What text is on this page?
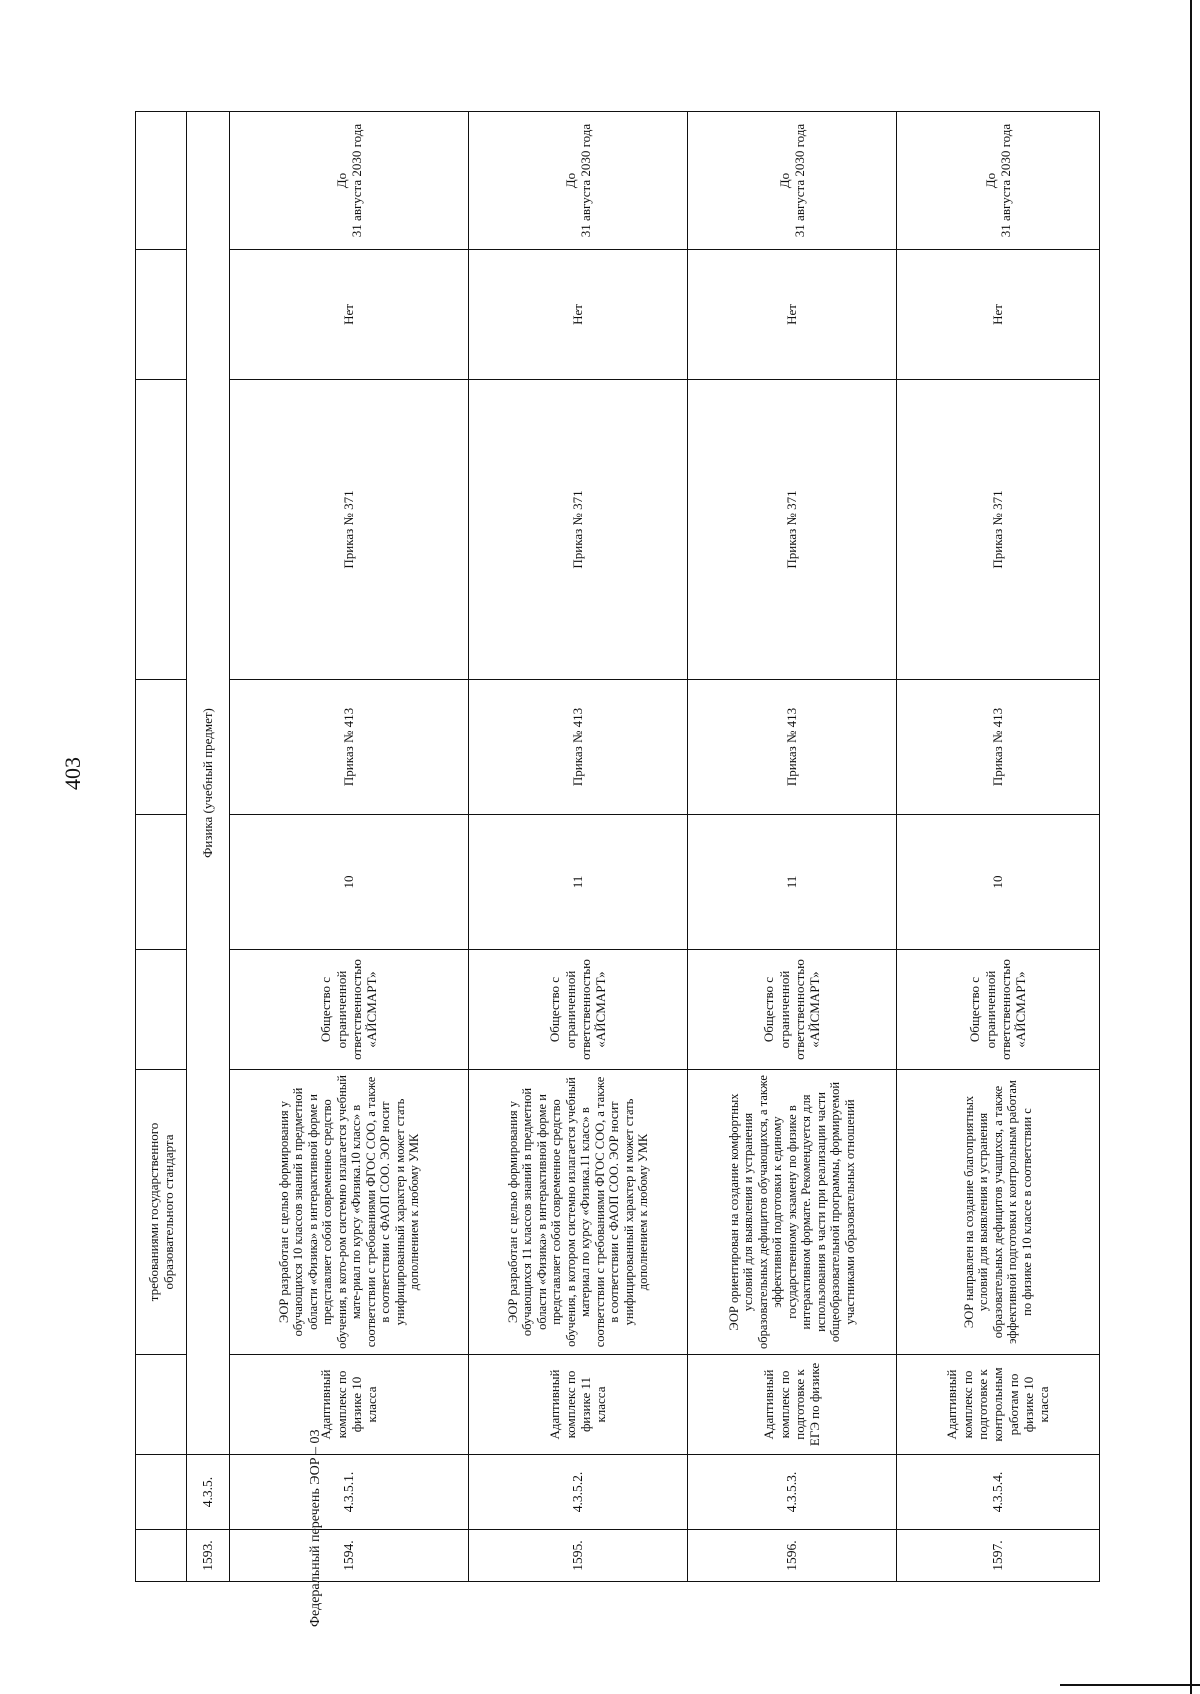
403
			требованиями государственного образовательного стандарта						
1593.	4.3.5.	Физика (учебный предмет)							
1594.	4.3.5.1.	Адаптивный комплекс по физике 10 класса	ЭОР разработан с целью формирования у обучающихся 10 классов знаний в предметной области «Физика» в интерактивной форме и представляет собой современное средство обучения, в кото-ром системно излагается учебный мате-риал по курсу «Физика.10 класс» в соответствии с требованиями ФГОС СОО, а также в соответствии с ФАОП СОО. ЭОР носит унифицированный характер и может стать дополнением к любому УМК	Общество с ограниченной ответственностью «АЙСМАРТ»	10	Приказ № 413	Приказ № 371	Нет	До 31 августа 2030 года

1595.	4.3.5.2.	Адаптивный комплекс по физике 11 класса	ЭОР разработан с целью формирования у обучающихся 11 классов знаний в предметной области «Физика» в интерактивной форме и представляет собой современное средство обучения, в котором системно излагается учебный материал по курсу «Физика.11 класс» в соответствии с требованиями ФГОС СОО, а также в соответствии с ФАОП СОО. ЭОР носит унифицированный характер и может стать дополнением к любому УМК	Общество с ограниченной ответственностью «АЙСМАРТ»	11	Приказ № 413	Приказ № 371	Нет	До 31 августа 2030 года

1596.	4.3.5.3.	Адаптивный комплекс по подготовке к ЕГЭ по физике	ЭОР ориентирован на создание комфортных условий для выявления и устранения образовательных дефицитов обучающихся, а также эффективной подготовки к единому государственному экзамену по физике в интерактивном формате. Рекомендуется для использования в части при реализации части общеобразовательной программы, формируемой участниками образовательных отношений	Общество с ограниченной ответственностью «АЙСМАРТ»	11	Приказ № 413	Приказ № 371	Нет	До 31 августа 2030 года

1597.	4.3.5.4.	Адаптивный комплекс по подготовке к контрольным работам по физике 10 класса	ЭОР направлен на создание благоприятных условий для выявления и устранения образовательных дефицитов учащихся, а также эффективной подготовки к контрольным работам по физике в 10 классе в соответствии с	Общество с ограниченной ответственностью «АЙСМАРТ»	10	Приказ № 413	Приказ № 371	Нет	До 31 августа 2030 года
Федеральный перечень ЭОР – 03
